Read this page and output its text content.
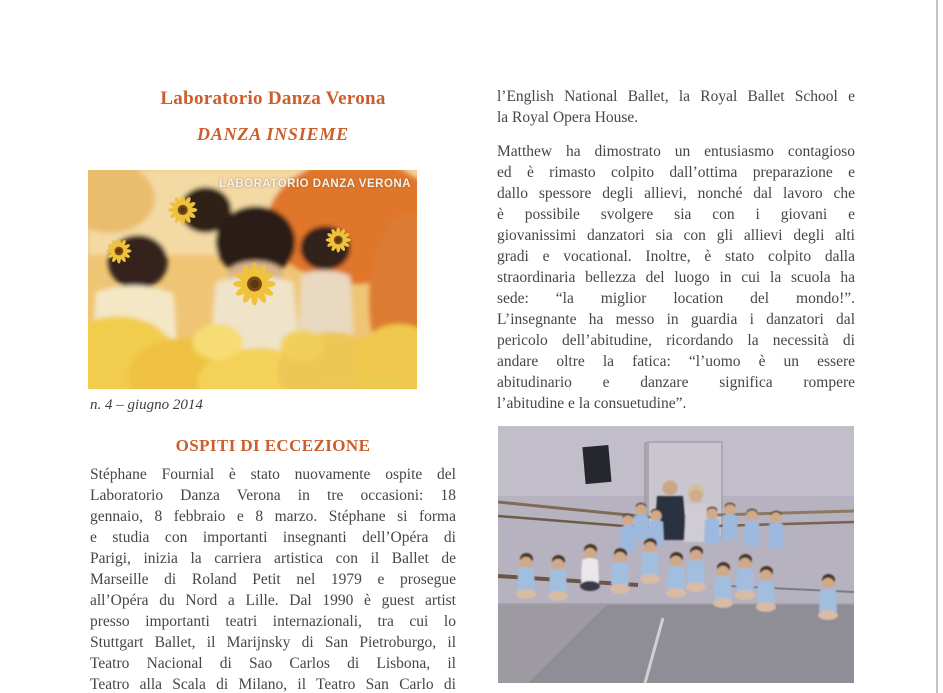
Laboratorio Danza Verona
DANZA INSIEME
LABORATORIO DANZA VERONA
FOTO ARTECOLORE
n. 4 – giugno 2014
OSPITI DI ECCEZIONE
Stéphane Fournial è stato nuovamente ospite del
Laboratorio Danza Verona in tre occasioni: 18
gennaio, 8 febbraio e 8 marzo. Stéphane si forma
e studia con importanti insegnanti dell’Opéra di
Parigi, inizia la carriera artistica con il Ballet de
Marseille di Roland Petit nel 1979 e prosegue
all’Opéra du Nord a Lille. Dal 1990 è guest artist
presso importanti teatri internazionali, tra cui lo
Stuttgart Ballet, il Marijnsky di San Pietroburgo, il
Teatro Nacional di Sao Carlos di Lisbona, il
Teatro alla Scala di Milano, il Teatro San Carlo di
l’English National Ballet, la Royal Ballet School e
la Royal Opera House.
Matthew ha dimostrato un entusiasmo contagioso
ed è rimasto colpito dall’ottima preparazione e
dallo spessore degli allievi, nonché dal lavoro che
è possibile svolgere sia con i giovani e
giovanissimi danzatori sia con gli allievi degli alti
gradi e vocational. Inoltre, è stato colpito dalla
straordinaria bellezza del luogo in cui la scuola ha
sede: “la miglior location del mondo!”.
L’insegnante ha messo in guardia i danzatori dal
pericolo dell’abitudine, ricordando la necessità di
andare oltre la fatica: “l’uomo è un essere
abitudinario e danzare significa rompere
l’abitudine e la consuetudine”.
